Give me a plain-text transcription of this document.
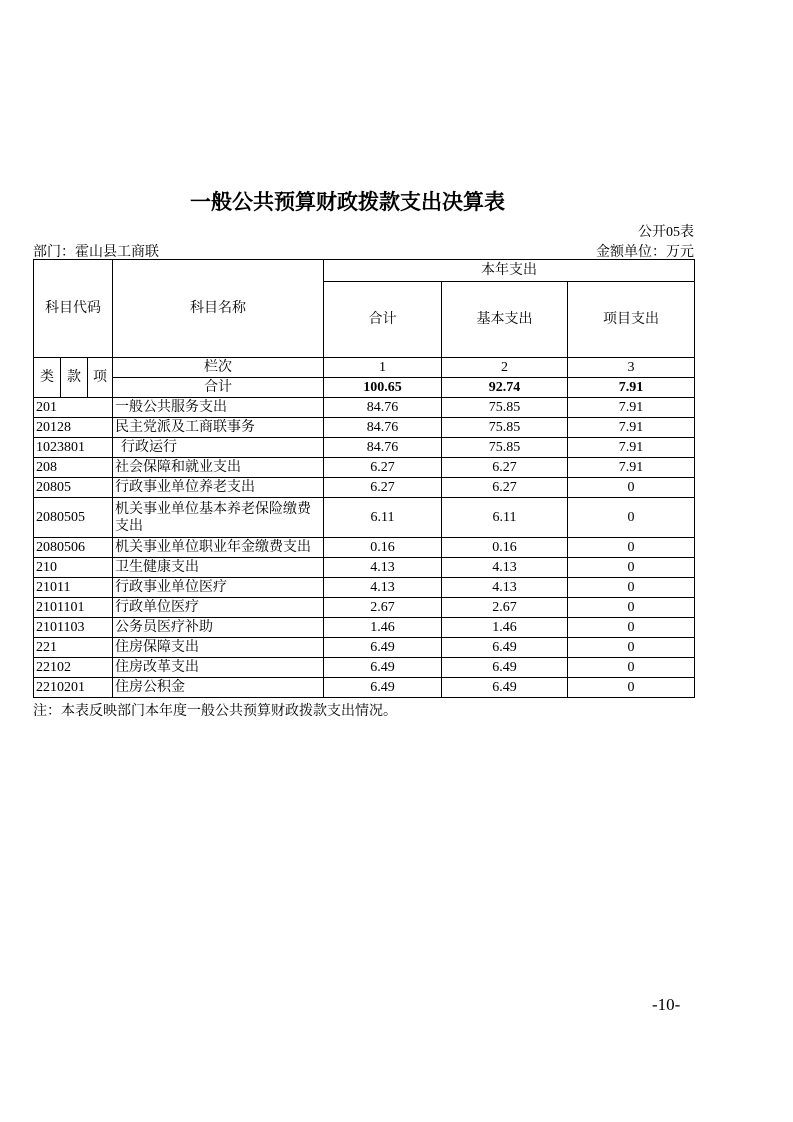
一般公共预算财政拨款支出决算表
公开05表
部门：霍山县工商联	金额单位：万元
科目代码			科目名称	本年支出		
				合计	基本支出	项目支出
类	款	项	栏次	1	2	3
			合计	100.65	92.74	7.91
201			一般公共服务支出	84.76	75.85	7.91
20128			民主党派及工商联事务	84.76	75.85	7.91
1023801			行政运行	84.76	75.85	7.91
208			社会保障和就业支出	6.27	6.27	7.91
20805			行政事业单位养老支出	6.27	6.27	0
2080505			机关事业单位基本养老保险缴费支出	6.11	6.11	0
2080506			机关事业单位职业年金缴费支出	0.16	0.16	0
210			卫生健康支出	4.13	4.13	0
21011			行政事业单位医疗	4.13	4.13	0
2101101			行政单位医疗	2.67	2.67	0
2101103			公务员医疗补助	1.46	1.46	0
221			住房保障支出	6.49	6.49	0
22102			住房改革支出	6.49	6.49	0
2210201			住房公积金	6.49	6.49	0
注：本表反映部门本年度一般公共预算财政拨款支出情况。
-10-
